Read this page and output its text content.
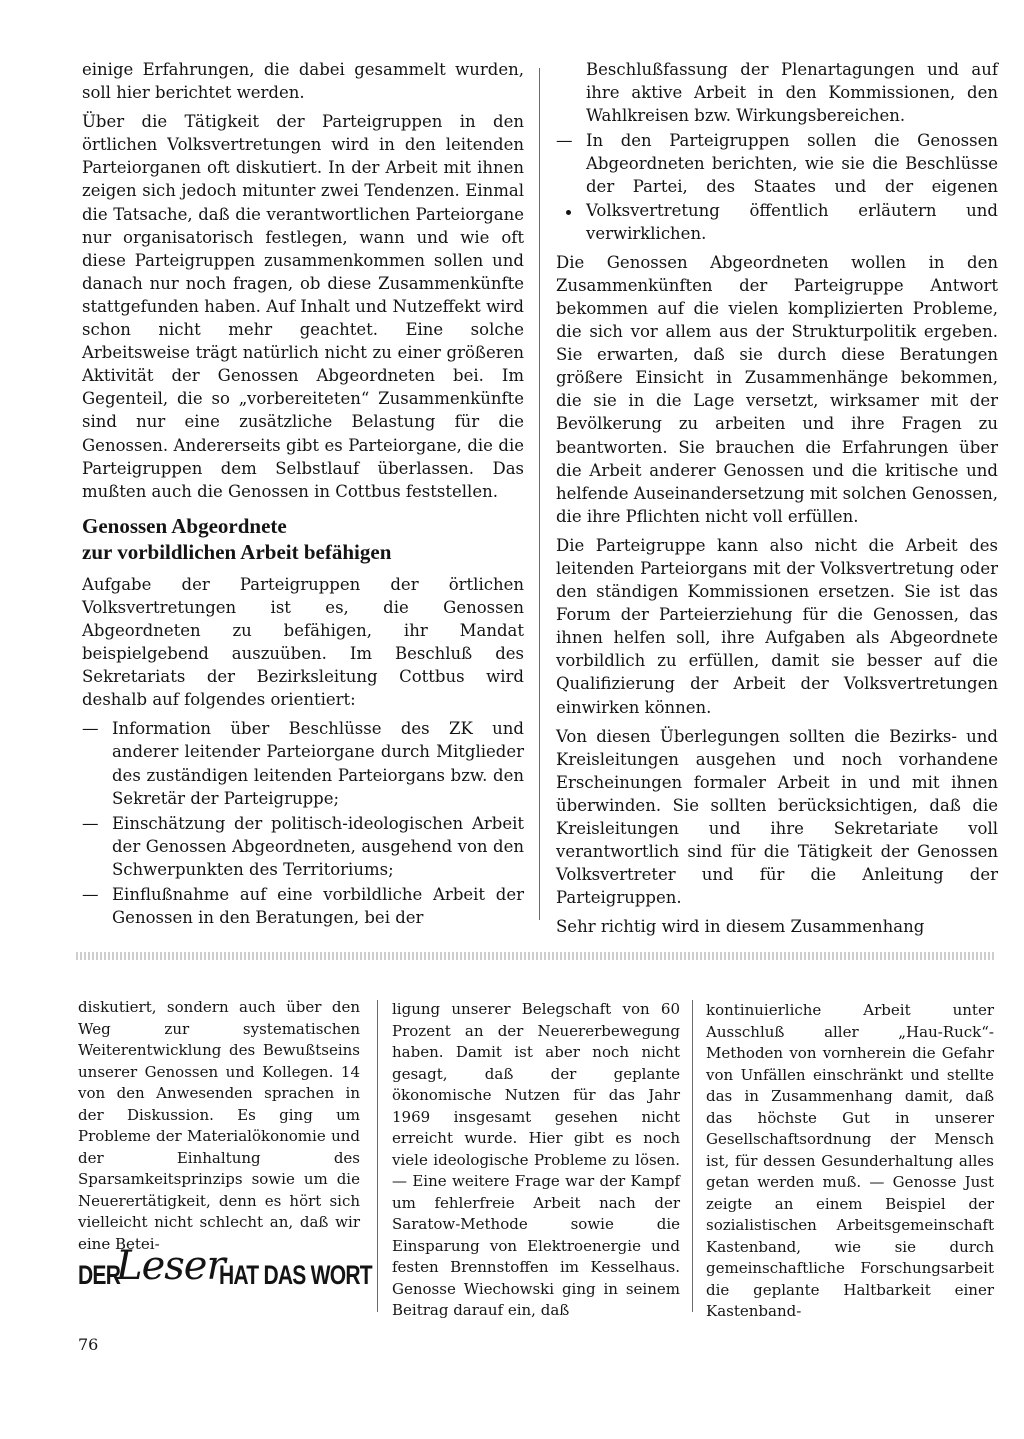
einige Erfahrungen, die dabei gesammelt wurden, soll hier berichtet werden.

Über die Tätigkeit der Parteigruppen in den örtlichen Volksvertretungen wird in den leitenden Parteiorganen oft diskutiert. In der Arbeit mit ihnen zeigen sich jedoch mitunter zwei Tendenzen. Einmal die Tatsache, daß die verantwortlichen Parteiorgane nur organisatorisch festlegen, wann und wie oft diese Parteigruppen zusammenkommen sollen und danach nur noch fragen, ob diese Zusammenkünfte stattgefunden haben. Auf Inhalt und Nutzeffekt wird schon nicht mehr geachtet. Eine solche Arbeitsweise trägt natürlich nicht zu einer größeren Aktivität der Genossen Abgeordneten bei. Im Gegenteil, die so „vorbereiteten“ Zusammenkünfte sind nur eine zusätzliche Belastung für die Genossen. Andererseits gibt es Parteiorgane, die die Parteigruppen dem Selbstlauf überlassen. Das mußten auch die Genossen in Cottbus feststellen.

Genossen Abgeordnete
zur vorbildlichen Arbeit befähigen

Aufgabe der Parteigruppen der örtlichen Volksvertretungen ist es, die Genossen Abgeordneten zu befähigen, ihr Mandat beispielgebend auszuüben. Im Beschluß des Sekretariats der Bezirksleitung Cottbus wird deshalb auf folgendes orientiert:

— Information über Beschlüsse des ZK und anderer leitender Parteiorgane durch Mitglieder des zuständigen leitenden Parteiorgans bzw. den Sekretär der Parteigruppe;
— Einschätzung der politisch-ideologischen Arbeit der Genossen Abgeordneten, ausgehend von den Schwerpunkten des Territoriums;
— Einflußnahme auf eine vorbildliche Arbeit der Genossen in den Beratungen, bei der
Beschlußfassung der Plenartagungen und auf ihre aktive Arbeit in den Kommissionen, den Wahlkreisen bzw. Wirkungsbereichen.
— In den Parteigruppen sollen die Genossen Abgeordneten berichten, wie sie die Beschlüsse der Partei, des Staates und der eigenen Volksvertretung öffentlich erläutern und verwirklichen.

Die Genossen Abgeordneten wollen in den Zusammenkünften der Parteigruppe Antwort bekommen auf die vielen komplizierten Probleme, die sich vor allem aus der Strukturpolitik ergeben. Sie erwarten, daß sie durch diese Beratungen größere Einsicht in Zusammenhänge bekommen, die sie in die Lage versetzt, wirksamer mit der Bevölkerung zu arbeiten und ihre Fragen zu beantworten. Sie brauchen die Erfahrungen über die Arbeit anderer Genossen und die kritische und helfende Auseinandersetzung mit solchen Genossen, die ihre Pflichten nicht voll erfüllen.

Die Parteigruppe kann also nicht die Arbeit des leitenden Parteiorgans mit der Volksvertretung oder den ständigen Kommissionen ersetzen. Sie ist das Forum der Parteierziehung für die Genossen, das ihnen helfen soll, ihre Aufgaben als Abgeordnete vorbildlich zu erfüllen, damit sie besser auf die Qualifizierung der Arbeit der Volksvertretungen einwirken können.

Von diesen Überlegungen sollten die Bezirks- und Kreisleitungen ausgehen und noch vorhandene Erscheinungen formaler Arbeit in und mit ihnen überwinden. Sie sollten berücksichtigen, daß die Kreisleitungen und ihre Sekretariate voll verantwortlich sind für die Tätigkeit der Genossen Volksvertreter und für die Anleitung der Parteigruppen.

Sehr richtig wird in diesem Zusammenhang

diskutiert, sondern auch über den Weg zur systematischen Weiterentwicklung des Bewußtseins unserer Genossen und Kollegen. 14 von den Anwesenden sprachen in der Diskussion. Es ging um Probleme der Materialökonomie und der Einhaltung des Sparsamkeitsprinzips sowie um die Neuerertätigkeit, denn es hört sich vielleicht nicht schlecht an, daß wir eine Betei-

ligung unserer Belegschaft von 60 Prozent an der Neuererbewegung haben. Damit ist aber noch nicht gesagt, daß der geplante ökonomische Nutzen für das Jahr 1969 insgesamt gesehen nicht erreicht wurde. Hier gibt es noch viele ideologische Probleme zu lösen. — Eine weitere Frage war der Kampf um fehlerfreie Arbeit nach der Saratow-Methode sowie die Einsparung von Elektroenergie und festen Brennstoffen im Kesselhaus. Genosse Wiechowski ging in seinem Beitrag darauf ein, daß

kontinuierliche Arbeit unter Ausschluß aller „Hau-Ruck“-Methoden von vornherein die Gefahr von Unfällen einschränkt und stellte das in Zusammenhang damit, daß das höchste Gut in unserer Gesellschaftsordnung der Mensch ist, für dessen Gesunderhaltung alles getan werden muß. — Genosse Just zeigte an einem Beispiel der sozialistischen Arbeitsgemeinschaft Kastenband, wie sie durch gemeinschaftliche Forschungsarbeit die geplante Haltbarkeit einer Kastenband-

DER
Leser
HAT DAS WORT
76
